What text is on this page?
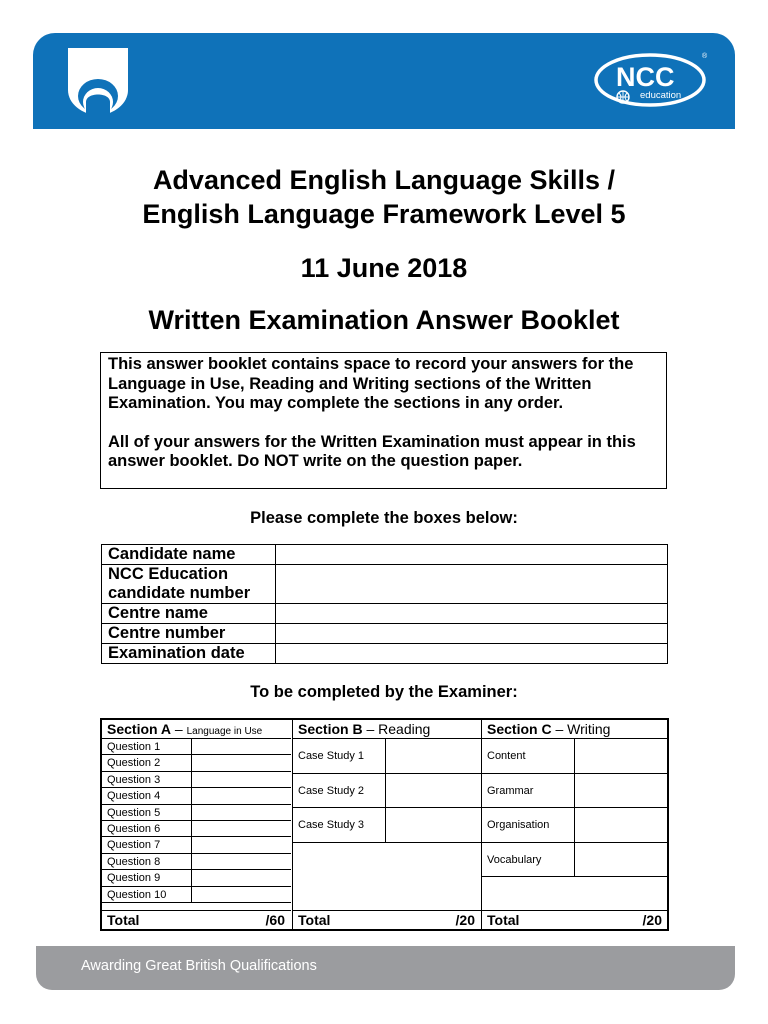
NCC
education
®
Advanced English Language Skills /
English Language Framework Level 5
11 June 2018
Written Examination Answer Booklet

This answer booklet contains space to record your answers for the Language in Use, Reading and Writing sections of the Written Examination. You may complete the sections in any order.

All of your answers for the Written Examination must appear in this answer booklet. Do NOT write on the question paper.

Please complete the boxes below:
Candidate name	
NCC Education candidate number	
Centre name	
Centre number	
Examination date	
To be completed by the Examiner:
Section A – Language in Use
Question 1
Question 2
Question 3
Question 4
Question 5
Question 6
Question 7
Question 8
Question 9
Question 10
Total	/60
Section B – Reading
Case Study 1
Case Study 2
Case Study 3
Total	/20
Section C – Writing
Content
Grammar
Organisation
Vocabulary
Total	/20
Awarding Great British Qualifications
